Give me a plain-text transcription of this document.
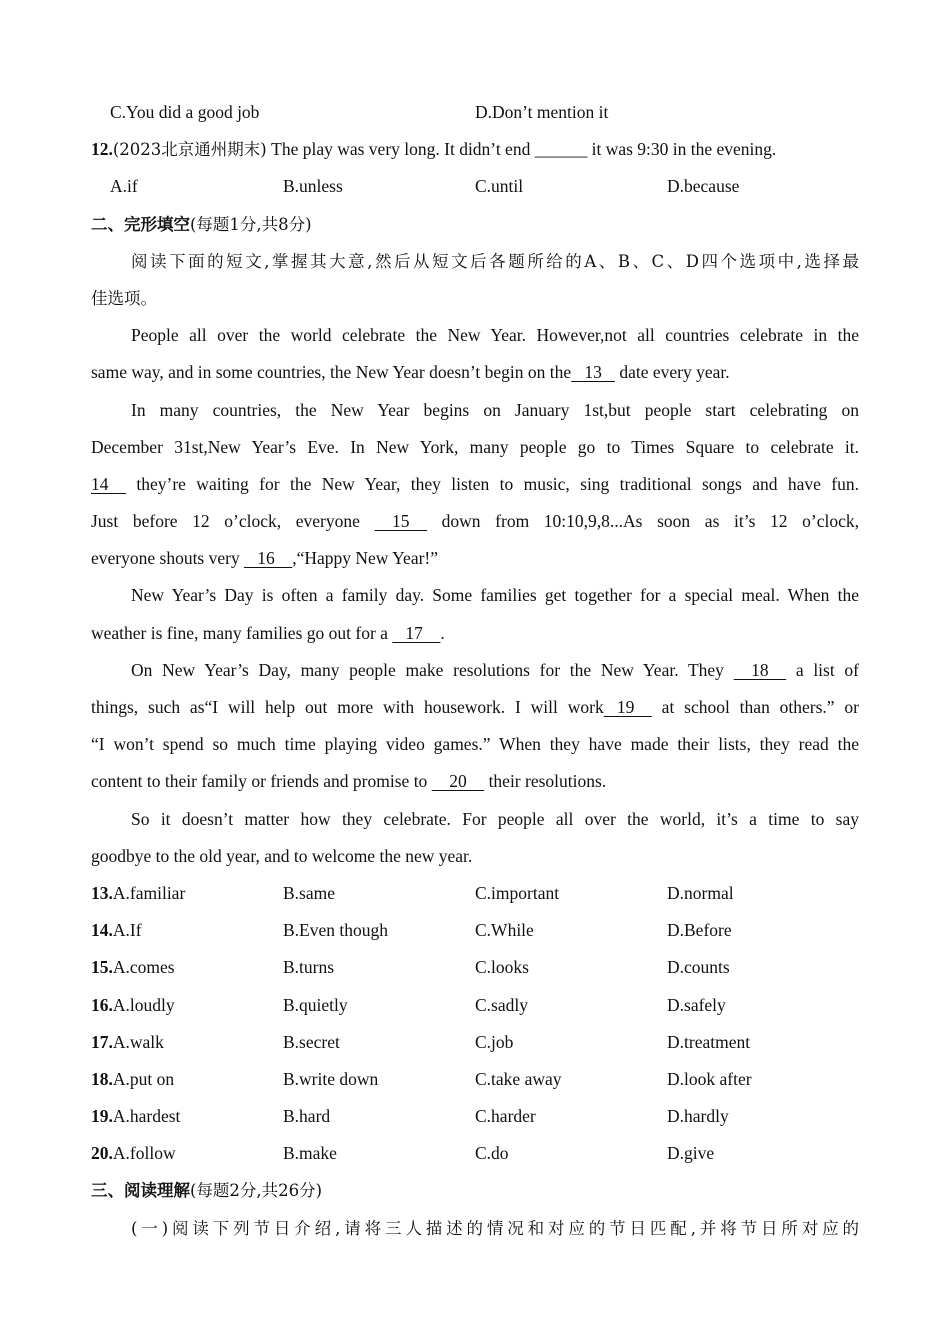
C.You did a good job	D.Don’t mention it
12.(2023北京通州期末) The play was very long. It didn’t end ______ it was 9:30 in the evening.
A.if	B.unless	C.until	D.because
二、完形填空(每题1分,共8分)
阅读下面的短文,掌握其大意,然后从短文后各题所给的A、B、C、D四个选项中,选择最
佳选项。
People all over the world celebrate the New Year. However,not all countries celebrate in the
same way, and in some countries, the New Year doesn’t begin on the   13    date every year.
In many countries, the New Year begins on January 1st,but people start celebrating on
December 31st,New Year’s Eve. In New York, many people go to Times Square to celebrate it.
14     they’re waiting for the New Year, they listen to music, sing traditional songs and have fun.
Just before 12 o’clock, everyone     15     down from 10:10,9,8...As soon as it’s 12 o’clock,
everyone shouts very    16    ,“Happy New Year!”
New Year’s Day is often a family day. Some families get together for a special meal. When the
weather is fine, many families go out for a    17    .
On New Year’s Day, many people make resolutions for the New Year. They     18     a list of
things, such as“I will help out more with housework. I will work   19     at school than others.” or
“I won’t spend so much time playing video games.” When they have made their lists, they read the
content to their family or friends and promise to     20     their resolutions.
So it doesn’t matter how they celebrate. For people all over the world, it’s a time to say
goodbye to the old year, and to welcome the new year.
13.A.familiar	B.same	C.important	D.normal
14.A.If	B.Even though	C.While	D.Before
15.A.comes	B.turns	C.looks	D.counts
16.A.loudly	B.quietly	C.sadly	D.safely
17.A.walk	B.secret	C.job	D.treatment
18.A.put on	B.write down	C.take away	D.look after
19.A.hardest	B.hard	C.harder	D.hardly
20.A.follow	B.make	C.do	D.give
三、阅读理解(每题2分,共26分)
(一)阅读下列节日介绍,请将三人描述的情况和对应的节日匹配,并将节日所对应的
